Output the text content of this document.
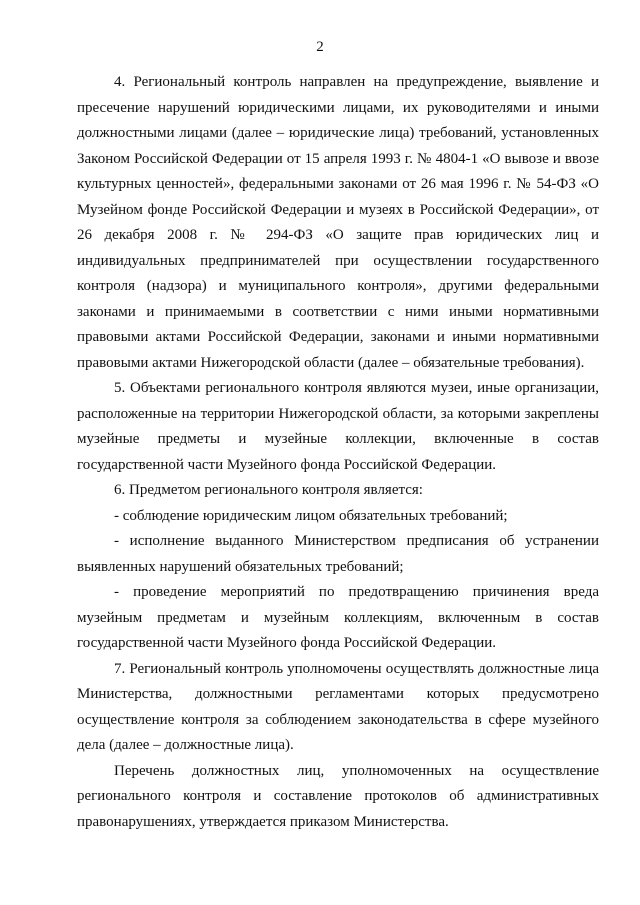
2

4. Региональный контроль направлен на предупреждение, выявление и пресечение нарушений юридическими лицами, их руководителями и иными должностными лицами (далее – юридические лица) требований, установленных Законом Российской Федерации от 15 апреля 1993 г. № 4804-1 «О вывозе и ввозе культурных ценностей», федеральными законами от 26 мая 1996 г. № 54-ФЗ «О Музейном фонде Российской Федерации и музеях в Российской Федерации», от 26 декабря 2008 г. № 294-ФЗ «О защите прав юридических лиц и индивидуальных предпринимателей при осуществлении государственного контроля (надзора) и муниципального контроля», другими федеральными законами и принимаемыми в соответствии с ними иными нормативными правовыми актами Российской Федерации, законами и иными нормативными правовыми актами Нижегородской области (далее – обязательные требования).

5. Объектами регионального контроля являются музеи, иные организации, расположенные на территории Нижегородской области, за которыми закреплены музейные предметы и музейные коллекции, включенные в состав государственной части Музейного фонда Российской Федерации.

6. Предметом регионального контроля является:

- соблюдение юридическим лицом обязательных требований;

- исполнение выданного Министерством предписания об устранении выявленных нарушений обязательных требований;

- проведение мероприятий по предотвращению причинения вреда музейным предметам и музейным коллекциям, включенным в состав государственной части Музейного фонда Российской Федерации.

7. Региональный контроль уполномочены осуществлять должностные лица Министерства, должностными регламентами которых предусмотрено осуществление контроля за соблюдением законодательства в сфере музейного дела (далее – должностные лица).

Перечень должностных лиц, уполномоченных на осуществление регионального контроля и составление протоколов об административных правонарушениях, утверждается приказом Министерства.
